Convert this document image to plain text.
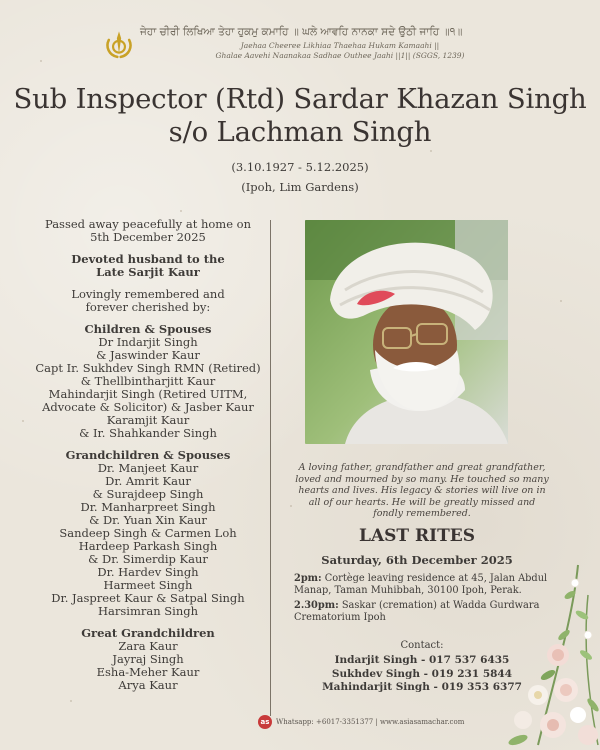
ਜੇਹਾ ਚੀਰੀ ਲਿਖਿਆ ਤੇਹਾ ਹੁਕਮੁ ਕਮਾਹਿ ॥ ਘਲੇ ਆਵਹਿ ਨਾਨਕਾ ਸਦੇ ਉਠੀ ਜਾਹਿ ॥੧॥
Jaehaa Cheeree Likhiaa Thaehaa Hukam Kamaahi ||
Ghalae Aavehi Naanakaa Sadhae Outhee Jaahi ||1|| (SGGS, 1239)
Sub Inspector (Rtd) Sardar Khazan Singh
s/o Lachman Singh
(3.10.1927 - 5.12.2025)
(Ipoh, Lim Gardens)
Passed away peacefully at home on
5th December 2025
Devoted husband to the
Late Sarjit Kaur
Lovingly remembered and
forever cherished by:
Children & Spouses
Dr Indarjit Singh
& Jaswinder Kaur
Capt Ir. Sukhdev Singh RMN (Retired)
& Thellbintharjitt Kaur
Mahindarjit Singh (Retired UITM,
Advocate & Solicitor) & Jasber Kaur
Karamjit Kaur
& Ir. Shahkander Singh
Grandchildren & Spouses
Dr. Manjeet Kaur
Dr. Amrit Kaur
& Surajdeep Singh
Dr. Manharpreet Singh
& Dr. Yuan Xin Kaur
Sandeep Singh & Carmen Loh
Hardeep Parkash Singh
& Dr. Simerdip Kaur
Dr. Hardev Singh
Harmeet Singh
Dr. Jaspreet Kaur & Satpal Singh
Harsimran Singh
Great Grandchildren
Zara Kaur
Jayraj Singh
Esha-Meher Kaur
Arya Kaur
A loving father, grandfather and great grandfather,
loved and mourned by so many. He touched so many
hearts and lives. His legacy & stories will live on in
all of our hearts. He will be greatly missed and
fondly remembered.
LAST RITES
Saturday, 6th December 2025
2pm: Cortège leaving residence at 45, Jalan Abdul
Manap, Taman Muhibbah, 30100 Ipoh, Perak.
2.30pm: Saskar (cremation) at Wadda Gurdwara
Crematorium Ipoh
Contact:
Indarjit Singh - 017 537 6435
Sukhdev Singh - 019 231 5844
Mahindarjit Singh - 019 353 6377
as Whatsapp: +6017-3351377 | www.asiasamachar.com
